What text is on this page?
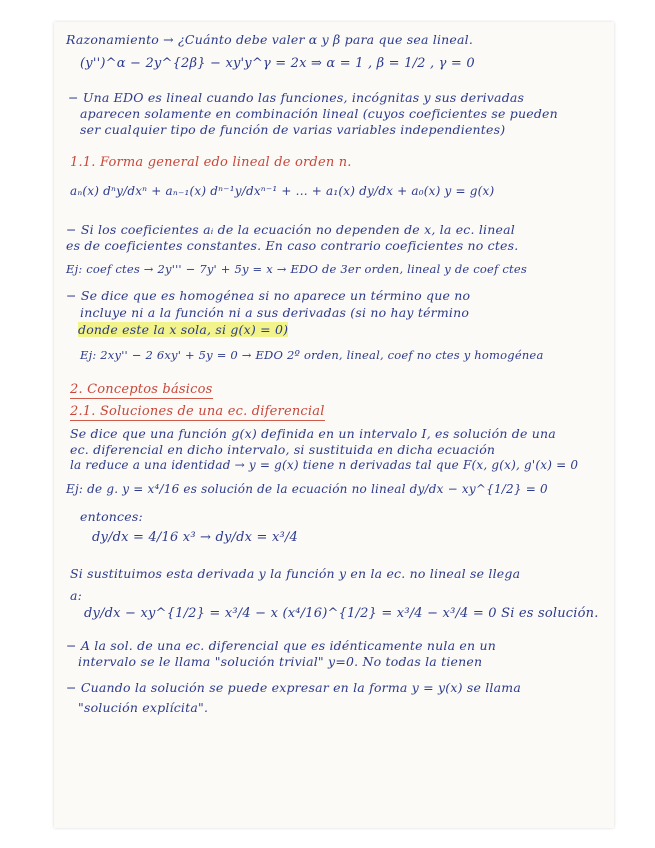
Razonamiento → ¿Cuánto debe valer α y β para que sea lineal.
(y'')^α − 2y^{2β} − xy'y^γ = 2x ⇒ α = 1 , β = 1/2 , γ = 0
− Una EDO es lineal cuando las funciones, incógnitas y sus derivadas
aparecen solamente en combinación lineal (cuyos coeficientes se pueden
ser cualquier tipo de función de varias variables independientes)
1.1. Forma general edo lineal de orden n.
aₙ(x) dⁿy/dxⁿ + aₙ₋₁(x) dⁿ⁻¹y/dxⁿ⁻¹ + ... + a₁(x) dy/dx + a₀(x) y = g(x)
− Si los coeficientes aᵢ de la ecuación no dependen de x, la ec. lineal
es de coeficientes constantes. En caso contrario coeficientes no ctes.
Ej: coef ctes → 2y''' − 7y' + 5y = x → EDO de 3er orden, lineal y de coef ctes
− Se dice que es homogénea si no aparece un término que no
incluye ni a la función ni a sus derivadas (si no hay término
donde este la x sola, si g(x) = 0)
Ej: 2xy'' − 2 6xy' + 5y = 0 → EDO 2º orden, lineal, coef no ctes y homogénea
2. Conceptos básicos
2.1. Soluciones de una ec. diferencial
Se dice que una función g(x) definida en un intervalo I, es solución de una
ec. diferencial en dicho intervalo, si sustituida en dicha ecuación
la reduce a una identidad → y = g(x) tiene n derivadas tal que F(x, g(x), g'(x) = 0
Ej: de g. y = x⁴/16 es solución de la ecuación no lineal dy/dx − xy^{1/2} = 0
entonces:
dy/dx = 4/16 x³ → dy/dx = x³/4
Si sustituimos esta derivada y la función y en la ec. no lineal se llega
a:
dy/dx − xy^{1/2} = x³/4 − x (x⁴/16)^{1/2} = x³/4 − x³/4 = 0 Si es solución.
− A la sol. de una ec. diferencial que es idénticamente nula en un
intervalo se le llama "solución trivial" y=0. No todas la tienen
− Cuando la solución se puede expresar en la forma y = y(x) se llama
"solución explícita".
